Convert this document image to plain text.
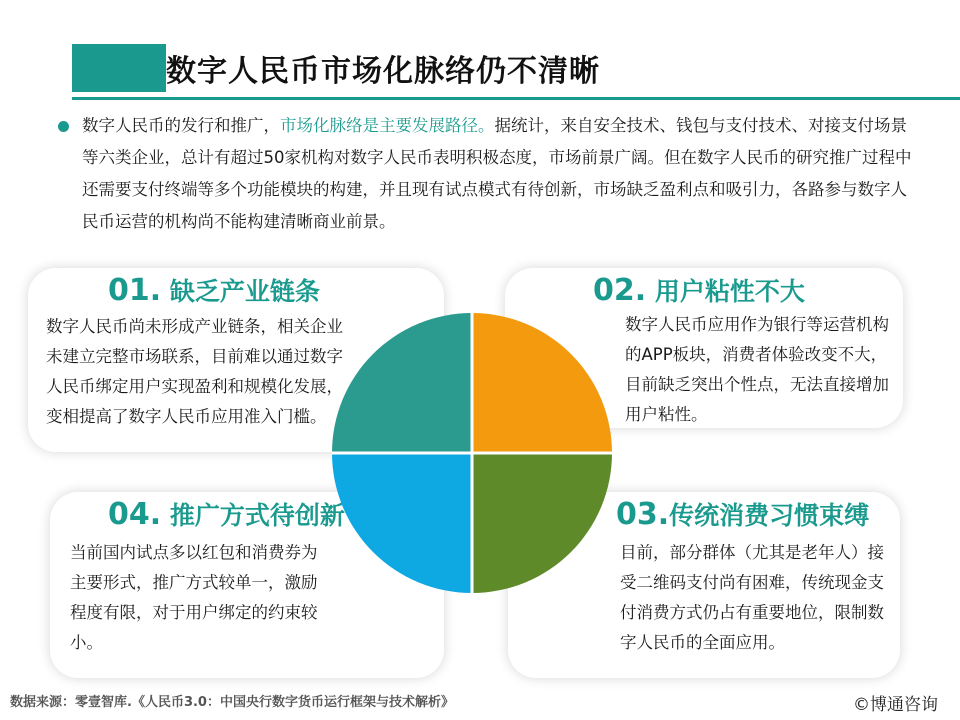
数字人民币市场化脉络仍不清晰
数字人民币的发行和推广，市场化脉络是主要发展路径。据统计，来自安全技术、钱包与支付技术、对接支付场景等六类企业，总计有超过50家机构对数字人民币表明积极态度，市场前景广阔。但在数字人民币的研究推广过程中还需要支付终端等多个功能模块的构建，并且现有试点模式有待创新，市场缺乏盈利点和吸引力，各路参与数字人民币运营的机构尚不能构建清晰商业前景。
01. 缺乏产业链条
数字人民币尚未形成产业链条，相关企业未建立完整市场联系，目前难以通过数字人民币绑定用户实现盈利和规模化发展，变相提高了数字人民币应用准入门槛。
02. 用户粘性不大
数字人民币应用作为银行等运营机构的APP板块，消费者体验改变不大，目前缺乏突出个性点，无法直接增加用户粘性。
03.传统消费习惯束缚
目前，部分群体（尤其是老年人）接受二维码支付尚有困难，传统现金支付消费方式仍占有重要地位，限制数字人民币的全面应用。
04. 推广方式待创新
当前国内试点多以红包和消费券为主要形式，推广方式较单一，激励程度有限，对于用户绑定的约束较小。
数据来源：零壹智库.《人民币3.0：中国央行数字货币运行框架与技术解析》	©博通咨询
